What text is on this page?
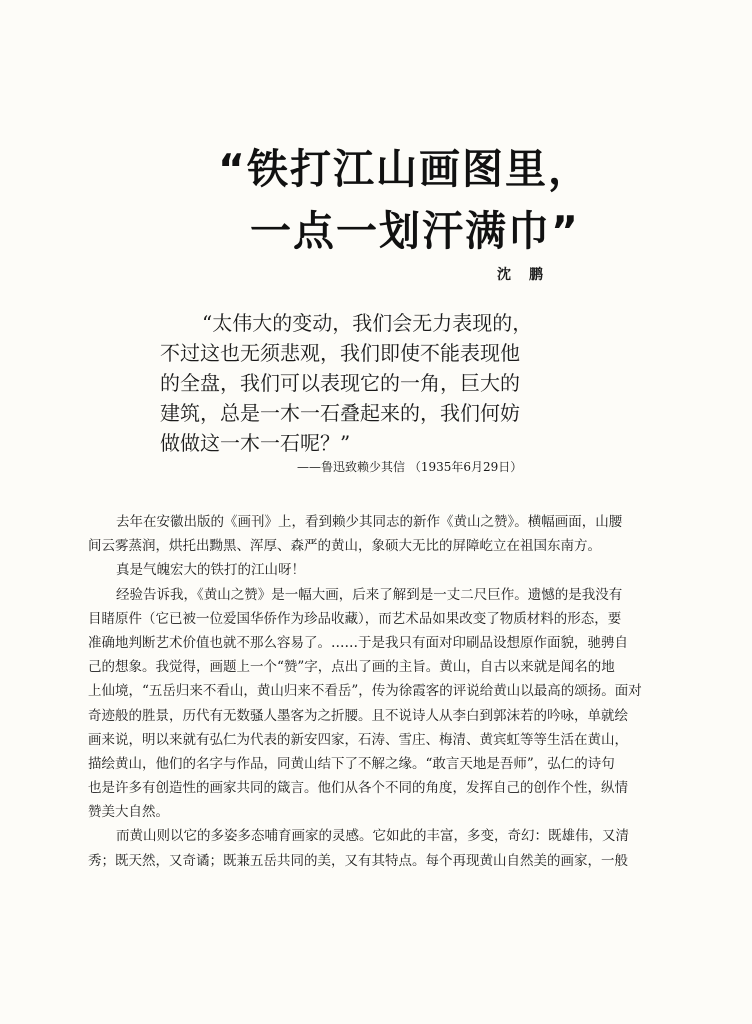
“铁打江山画图里，
一点一划汗满巾”
沈鹏
“太伟大的变动，我们会无力表现的，
不过这也无须悲观，我们即使不能表现他
的全盘，我们可以表现它的一角，巨大的
建筑，总是一木一石叠起来的，我们何妨
做做这一木一石呢？”
——鲁迅致赖少其信 （1935年6月29日）
去年在安徽出版的《画刊》上，看到赖少其同志的新作《黄山之赞》。横幅画面，山腰
间云雾蒸润，烘托出黝黑、浑厚、森严的黄山，象硕大无比的屏障屹立在祖国东南方。
真是气魄宏大的铁打的江山呀！
经验告诉我，《黄山之赞》是一幅大画，后来了解到是一丈二尺巨作。遗憾的是我没有
目睹原件（它已被一位爱国华侨作为珍品收藏），而艺术品如果改变了物质材料的形态，要
准确地判断艺术价值也就不那么容易了。……于是我只有面对印刷品设想原作面貌，驰骋自
己的想象。我觉得，画题上一个“赞”字，点出了画的主旨。黄山，自古以来就是闻名的地
上仙境，“五岳归来不看山，黄山归来不看岳”，传为徐霞客的评说给黄山以最高的颂扬。面对
奇迹般的胜景，历代有无数骚人墨客为之折腰。且不说诗人从李白到郭沫若的吟咏，单就绘
画来说，明以来就有弘仁为代表的新安四家，石涛、雪庄、梅清、黄宾虹等等生活在黄山，
描绘黄山，他们的名字与作品，同黄山结下了不解之缘。“敢言天地是吾师”，弘仁的诗句
也是许多有创造性的画家共同的箴言。他们从各个不同的角度，发挥自己的创作个性，纵情
赞美大自然。
而黄山则以它的多姿多态哺育画家的灵感。它如此的丰富，多变，奇幻：既雄伟，又清
秀；既天然，又奇谲；既兼五岳共同的美，又有其特点。每个再现黄山自然美的画家，一般
